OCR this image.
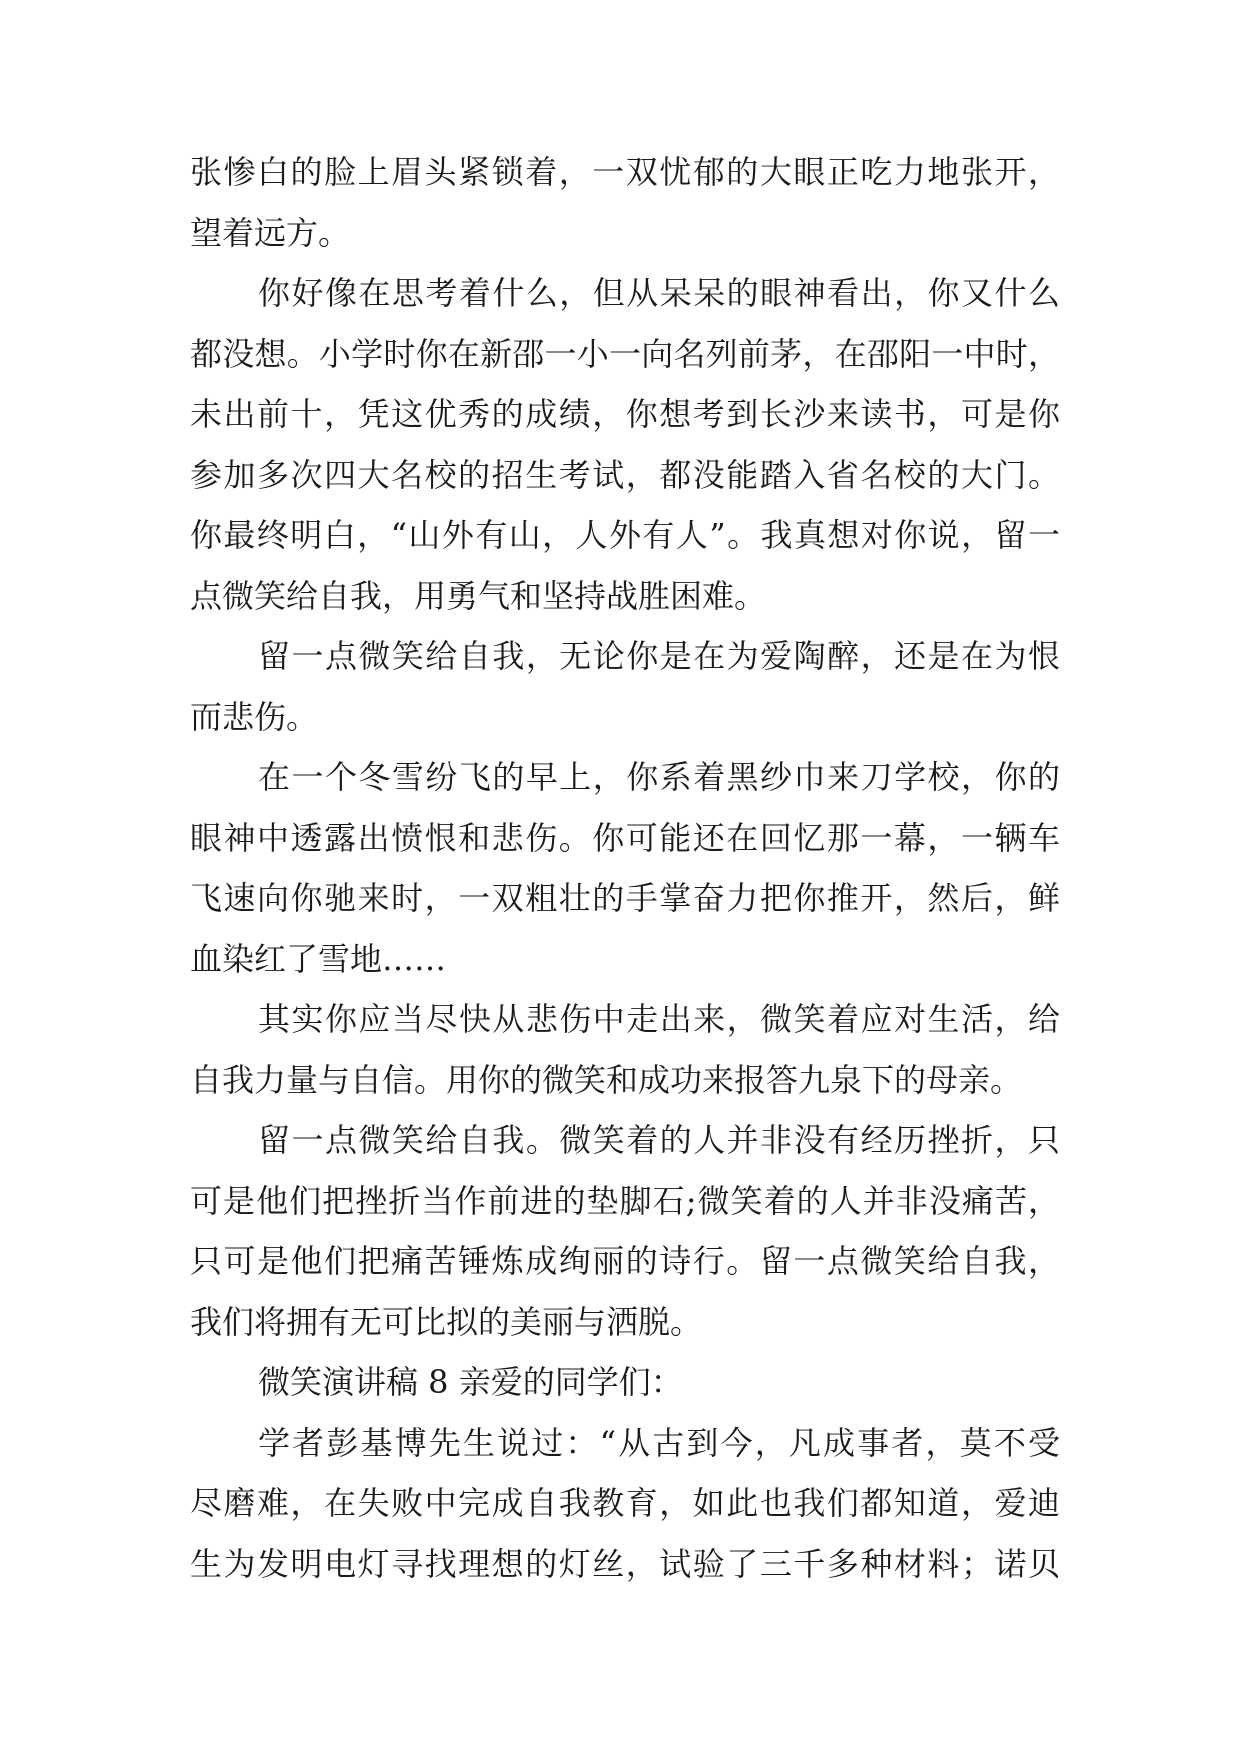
张惨白的脸上眉头紧锁着，一双忧郁的大眼正吃力地张开，
望着远方。
你好像在思考着什么，但从呆呆的眼神看出，你又什么
都没想。小学时你在新邵一小一向名列前茅，在邵阳一中时，
未出前十，凭这优秀的成绩，你想考到长沙来读书，可是你
参加多次四大名校的招生考试，都没能踏入省名校的大门。
你最终明白，“山外有山，人外有人”。我真想对你说，留一
点微笑给自我，用勇气和坚持战胜困难。
留一点微笑给自我，无论你是在为爱陶醉，还是在为恨
而悲伤。
在一个冬雪纷飞的早上，你系着黑纱巾来刀学校，你的
眼神中透露出愤恨和悲伤。你可能还在回忆那一幕，一辆车
飞速向你驰来时，一双粗壮的手掌奋力把你推开，然后，鲜
血染红了雪地……
其实你应当尽快从悲伤中走出来，微笑着应对生活，给
自我力量与自信。用你的微笑和成功来报答九泉下的母亲。
留一点微笑给自我。微笑着的人并非没有经历挫折，只
可是他们把挫折当作前进的垫脚石;微笑着的人并非没痛苦，
只可是他们把痛苦锤炼成绚丽的诗行。留一点微笑给自我，
我们将拥有无可比拟的美丽与洒脱。
微笑演讲稿 8 亲爱的同学们：
学者彭基博先生说过：“从古到今，凡成事者，莫不受
尽磨难，在失败中完成自我教育，如此也我们都知道，爱迪
生为发明电灯寻找理想的灯丝，试验了三千多种材料；诺贝
